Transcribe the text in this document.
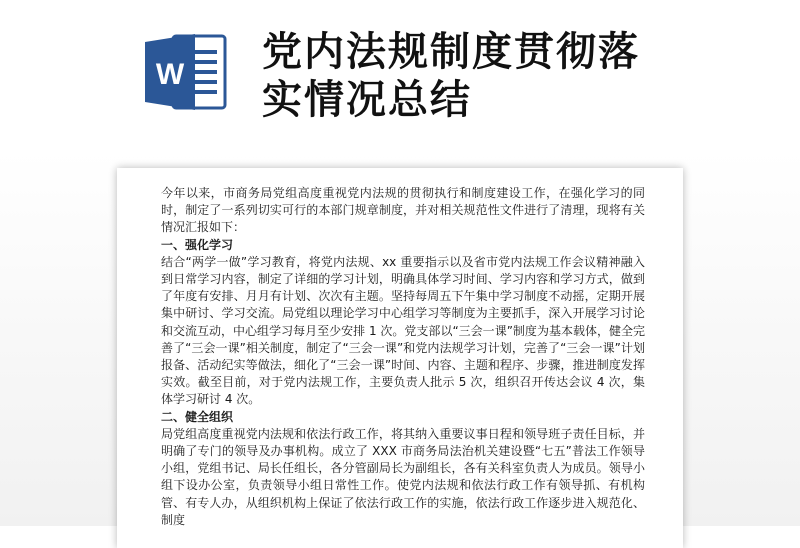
W 党内法规制度贯彻落
实情况总结

今年以来，市商务局党组高度重视党内法规的贯彻执行和制度建设工作，在强化学习的同时，制定了一系列切实可行的本部门规章制度，并对相关规范性文件进行了清理，现将有关情况汇报如下：

一、强化学习

结合“两学一做”学习教育，将党内法规、xx 重要指示以及省市党内法规工作会议精神融入到日常学习内容，制定了详细的学习计划，明确具体学习时间、学习内容和学习方式，做到了年度有安排、月月有计划、次次有主题。坚持每周五下午集中学习制度不动摇，定期开展集中研讨、学习交流。局党组以理论学习中心组学习等制度为主要抓手，深入开展学习讨论和交流互动，中心组学习每月至少安排 1 次。党支部以“三会一课”制度为基本载体，健全完善了“三会一课”相关制度，制定了“三会一课”和党内法规学习计划，完善了“三会一课”计划报备、活动纪实等做法，细化了“三会一课”时间、内容、主题和程序、步骤，推进制度发挥实效。截至目前，对于党内法规工作，主要负责人批示 5 次，组织召开传达会议 4 次，集体学习研讨 4 次。

二、健全组织

局党组高度重视党内法规和依法行政工作，将其纳入重要议事日程和领导班子责任目标，并明确了专门的领导及办事机构。成立了 XXX 市商务局法治机关建设暨“七五”普法工作领导小组，党组书记、局长任组长，各分管副局长为副组长，各有关科室负责人为成员。领导小组下设办公室，负责领导小组日常性工作。使党内法规和依法行政工作有领导抓、有机构管、有专人办，从组织机构上保证了依法行政工作的实施，依法行政工作逐步进入规范化、制度
